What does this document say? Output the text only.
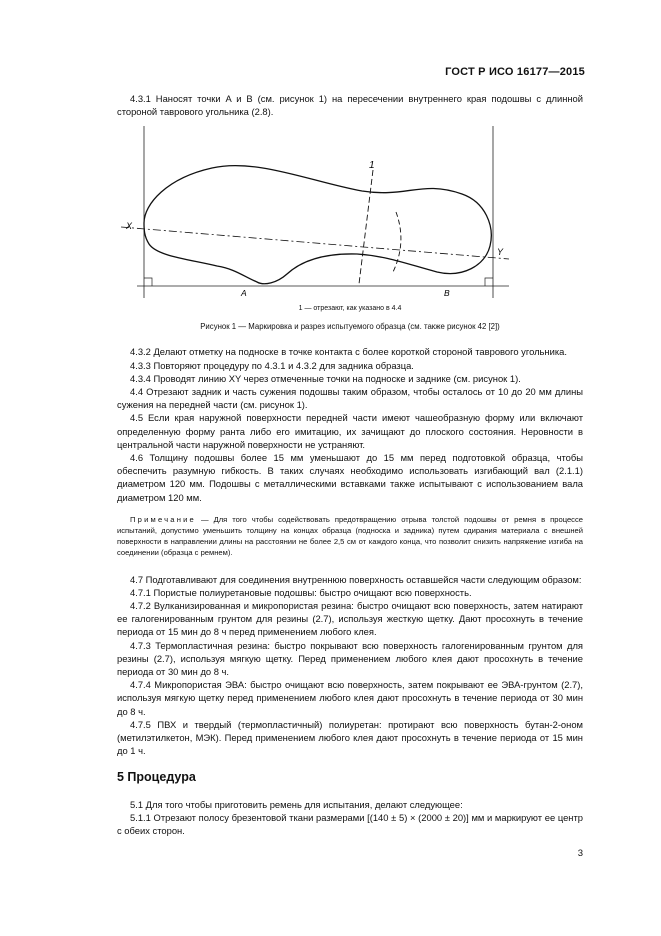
ГОСТ Р ИСО 16177—2015

4.3.1 Наносят точки A и B (см. рисунок 1) на пересечении внутреннего края подошвы с длинной стороной таврового угольника (2.8).

1
X
Y
A	B
1 — отрезают, как указано в 4.4
Рисунок 1 — Маркировка и разрез испытуемого образца (см. также рисунок 42 [2])

4.3.2 Делают отметку на подноске в точке контакта с более короткой стороной таврового угольника.

4.3.3 Повторяют процедуру по 4.3.1 и 4.3.2 для задника образца.

4.3.4 Проводят линию XY через отмеченные точки на подноске и заднике (см. рисунок 1).

4.4 Отрезают задник и часть сужения подошвы таким образом, чтобы осталось от 10 до 20 мм длины сужения на передней части (см. рисунок 1).

4.5 Если края наружной поверхности передней части имеют чашеобразную форму или включают определенную форму ранта либо его имитацию, их зачищают до плоского состояния. Неровности в центральной части наружной поверхности не устраняют.

4.6 Толщину подошвы более 15 мм уменьшают до 15 мм перед подготовкой образца, чтобы обеспечить разумную гибкость. В таких случаях необходимо использовать изгибающий вал (2.1.1) диаметром 120 мм. Подошвы с металлическими вставками также испытывают с использованием вала диаметром 120 мм.

Примечание — Для того чтобы содействовать предотвращению отрыва толстой подошвы от ремня в процессе испытаний, допустимо уменьшить толщину на концах образца (подноска и задника) путем сдирания материала с внешней поверхности в направлении длины на расстоянии не более 2,5 см от каждого конца, что позволит снизить напряжение изгиба на соединении (образца с ремнем).

4.7 Подготавливают для соединения внутреннюю поверхность оставшейся части следующим образом:

4.7.1 Пористые полиуретановые подошвы: быстро очищают всю поверхность.

4.7.2 Вулканизированная и микропористая резина: быстро очищают всю поверхность, затем натирают ее галогенированным грунтом для резины (2.7), используя жесткую щетку. Дают просохнуть в течение периода от 15 мин до 8 ч перед применением любого клея.

4.7.3 Термопластичная резина: быстро покрывают всю поверхность галогенированным грунтом для резины (2.7), используя мягкую щетку. Перед применением любого клея дают просохнуть в течение периода от 30 мин до 8 ч.

4.7.4 Микропористая ЭВА: быстро очищают всю поверхность, затем покрывают ее ЭВА-грунтом (2.7), используя мягкую щетку перед применением любого клея дают просохнуть в течение периода от 30 мин до 8 ч.

4.7.5 ПВХ и твердый (термопластичный) полиуретан: протирают всю поверхность бутан-2-оном (метилэтилкетон, МЭК). Перед применением любого клея дают просохнуть в течение периода от 15 мин до 1 ч.

5 Процедура

5.1 Для того чтобы приготовить ремень для испытания, делают следующее:

5.1.1 Отрезают полосу брезентовой ткани размерами [(140 ± 5) × (2000 ± 20)] мм и маркируют ее центр с обеих сторон.

3
